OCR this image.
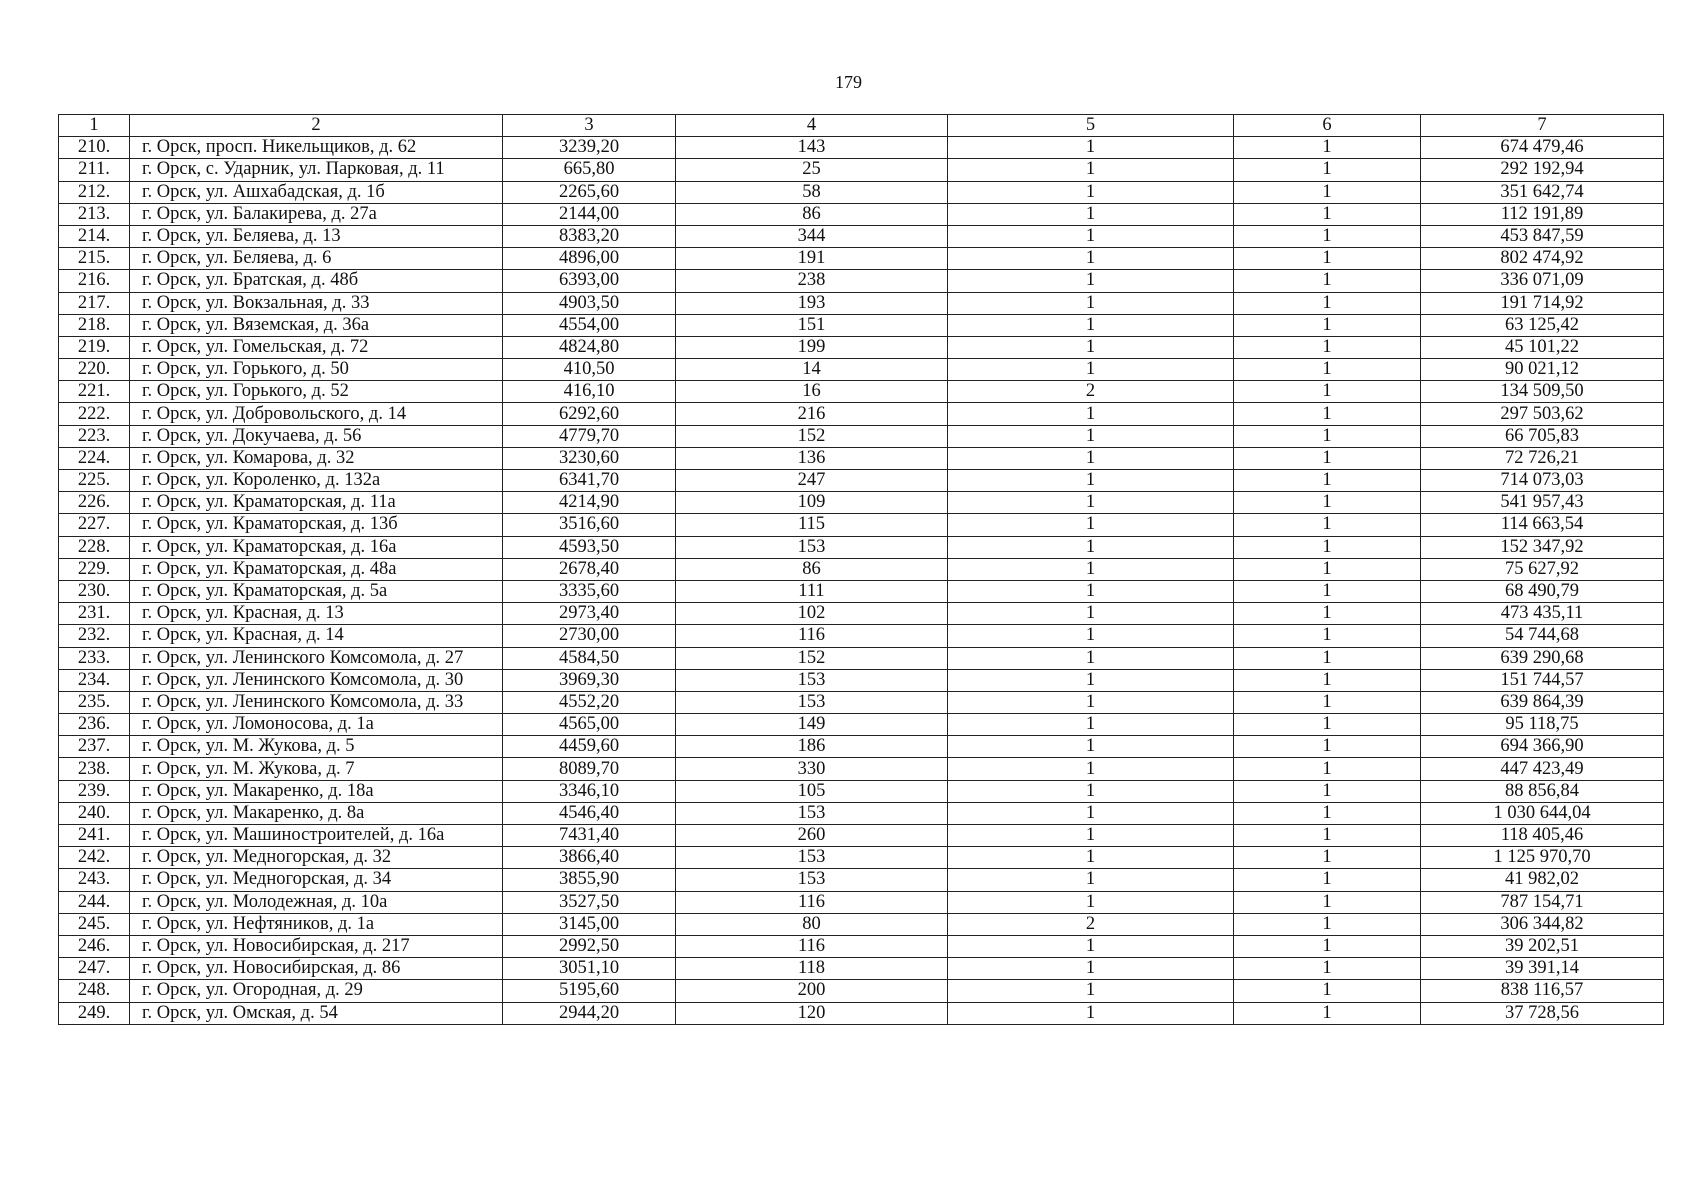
179
1	2	3	4	5	6	7
210.	г. Орск, просп. Никельщиков, д. 62	3239,20	143	1	1	674 479,46
211.	г. Орск, с. Ударник, ул. Парковая, д. 11	665,80	25	1	1	292 192,94
212.	г. Орск, ул. Ашхабадская, д. 1б	2265,60	58	1	1	351 642,74
213.	г. Орск, ул. Балакирева, д. 27а	2144,00	86	1	1	112 191,89
214.	г. Орск, ул. Беляева, д. 13	8383,20	344	1	1	453 847,59
215.	г. Орск, ул. Беляева, д. 6	4896,00	191	1	1	802 474,92
216.	г. Орск, ул. Братская, д. 48б	6393,00	238	1	1	336 071,09
217.	г. Орск, ул. Вокзальная, д. 33	4903,50	193	1	1	191 714,92
218.	г. Орск, ул. Вяземская, д. 36а	4554,00	151	1	1	63 125,42
219.	г. Орск, ул. Гомельская, д. 72	4824,80	199	1	1	45 101,22
220.	г. Орск, ул. Горького, д. 50	410,50	14	1	1	90 021,12
221.	г. Орск, ул. Горького, д. 52	416,10	16	2	1	134 509,50
222.	г. Орск, ул. Добровольского, д. 14	6292,60	216	1	1	297 503,62
223.	г. Орск, ул. Докучаева, д. 56	4779,70	152	1	1	66 705,83
224.	г. Орск, ул. Комарова, д. 32	3230,60	136	1	1	72 726,21
225.	г. Орск, ул. Короленко, д. 132а	6341,70	247	1	1	714 073,03
226.	г. Орск, ул. Краматорская, д. 11а	4214,90	109	1	1	541 957,43
227.	г. Орск, ул. Краматорская, д. 13б	3516,60	115	1	1	114 663,54
228.	г. Орск, ул. Краматорская, д. 16а	4593,50	153	1	1	152 347,92
229.	г. Орск, ул. Краматорская, д. 48а	2678,40	86	1	1	75 627,92
230.	г. Орск, ул. Краматорская, д. 5а	3335,60	111	1	1	68 490,79
231.	г. Орск, ул. Красная, д. 13	2973,40	102	1	1	473 435,11
232.	г. Орск, ул. Красная, д. 14	2730,00	116	1	1	54 744,68
233.	г. Орск, ул. Ленинского Комсомола, д. 27	4584,50	152	1	1	639 290,68
234.	г. Орск, ул. Ленинского Комсомола, д. 30	3969,30	153	1	1	151 744,57
235.	г. Орск, ул. Ленинского Комсомола, д. 33	4552,20	153	1	1	639 864,39
236.	г. Орск, ул. Ломоносова, д. 1а	4565,00	149	1	1	95 118,75
237.	г. Орск, ул. М. Жукова, д. 5	4459,60	186	1	1	694 366,90
238.	г. Орск, ул. М. Жукова, д. 7	8089,70	330	1	1	447 423,49
239.	г. Орск, ул. Макаренко, д. 18а	3346,10	105	1	1	88 856,84
240.	г. Орск, ул. Макаренко, д. 8а	4546,40	153	1	1	1 030 644,04
241.	г. Орск, ул. Машиностроителей, д. 16а	7431,40	260	1	1	118 405,46
242.	г. Орск, ул. Медногорская, д. 32	3866,40	153	1	1	1 125 970,70
243.	г. Орск, ул. Медногорская, д. 34	3855,90	153	1	1	41 982,02
244.	г. Орск, ул. Молодежная, д. 10а	3527,50	116	1	1	787 154,71
245.	г. Орск, ул. Нефтяников, д. 1а	3145,00	80	2	1	306 344,82
246.	г. Орск, ул. Новосибирская, д. 217	2992,50	116	1	1	39 202,51
247.	г. Орск, ул. Новосибирская, д. 86	3051,10	118	1	1	39 391,14
248.	г. Орск, ул. Огородная, д. 29	5195,60	200	1	1	838 116,57
249.	г. Орск, ул. Омская, д. 54	2944,20	120	1	1	37 728,56
